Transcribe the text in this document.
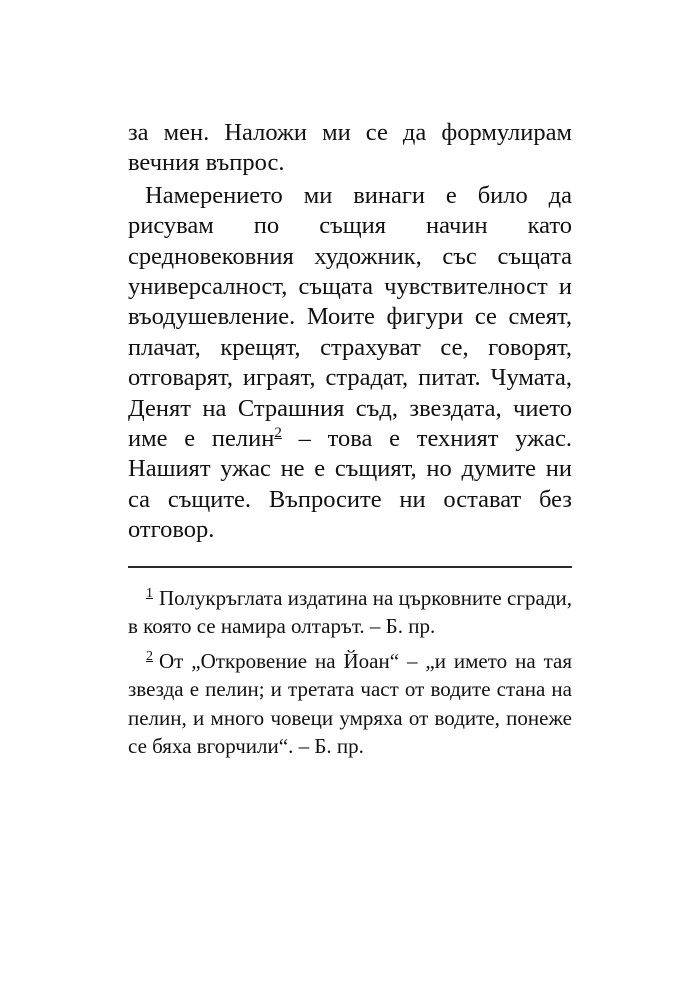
за мен. Наложи ми се да формулирам вечния въпрос.

Намерението ми винаги е било да рисувам по същия начин като средновековния художник, със същата универсалност, същата чувствителност и въодушевление. Моите фигури се смеят, плачат, крещят, страхуват се, говорят, отговарят, играят, страдат, питат. Чумата, Денят на Страшния съд, звездата, чието име е пелин$^2$ – това е техният ужас. Нашият ужас не е същият, но думите ни са същите. Въпросите ни остават без отговор.

$^1$ Полукръглата издатина на църковните сгради, в която се намира олтарът. – Б. пр.

$^2$ От „Откровение на Йоан“ – „и името на тая звезда е пелин; и третата част от водите стана на пелин, и много човеци умряха от водите, понеже се бяха вгорчили“. – Б. пр.
